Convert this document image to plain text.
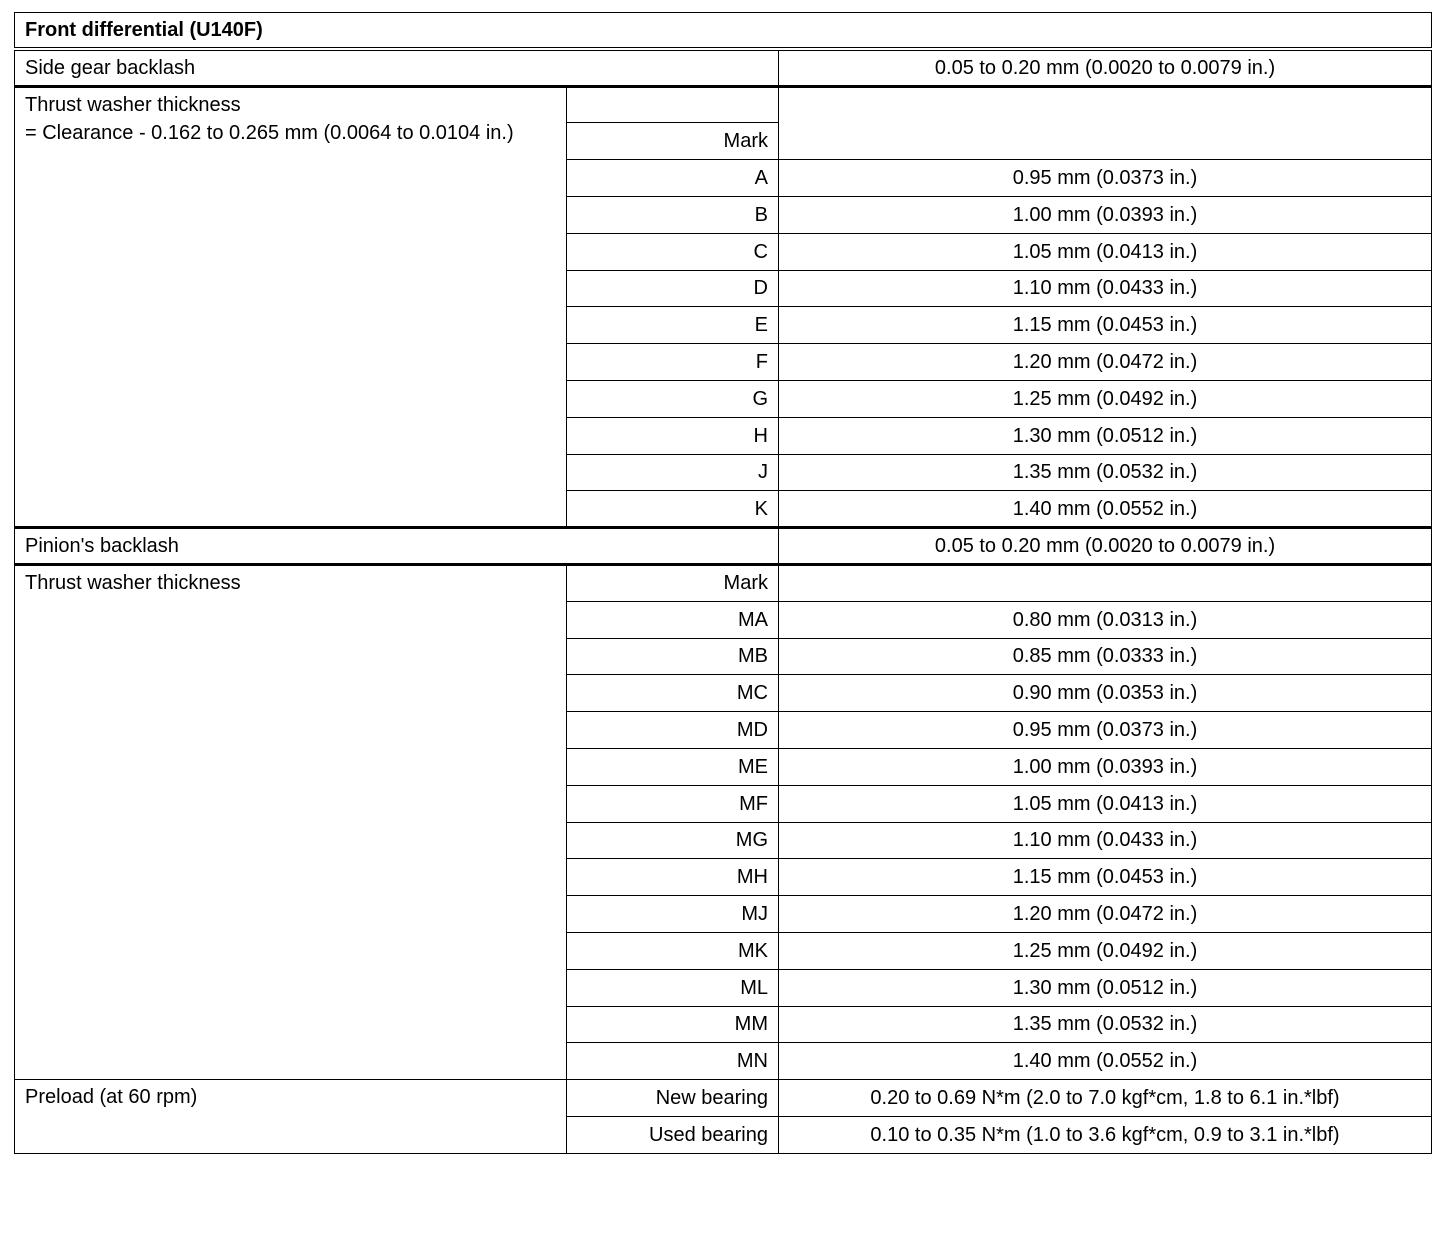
Front differential (U140F)		
Side gear backlash		0.05 to 0.20 mm (0.0020 to 0.0079 in.)

Thrust washer thickness
= Clearance - 0.162 to 0.265 mm (0.0064 to 0.0104 in.)		

	Mark	
	A	0.95 mm (0.0373 in.)
	B	1.00 mm (0.0393 in.)
	C	1.05 mm (0.0413 in.)
	D	1.10 mm (0.0433 in.)
	E	1.15 mm (0.0453 in.)
	F	1.20 mm (0.0472 in.)
	G	1.25 mm (0.0492 in.)
	H	1.30 mm (0.0512 in.)
	J	1.35 mm (0.0532 in.)
	K	1.40 mm (0.0552 in.)
Pinion's backlash		0.05 to 0.20 mm (0.0020 to 0.0079 in.)
Thrust washer thickness	Mark	
	MA	0.80 mm (0.0313 in.)
	MB	0.85 mm (0.0333 in.)
	MC	0.90 mm (0.0353 in.)
	MD	0.95 mm (0.0373 in.)
	ME	1.00 mm (0.0393 in.)
	MF	1.05 mm (0.0413 in.)
	MG	1.10 mm (0.0433 in.)
	MH	1.15 mm (0.0453 in.)
	MJ	1.20 mm (0.0472 in.)
	MK	1.25 mm (0.0492 in.)
	ML	1.30 mm (0.0512 in.)
	MM	1.35 mm (0.0532 in.)
	MN	1.40 mm (0.0552 in.)
Preload (at 60 rpm)	New bearing	0.20 to 0.69 N*m (2.0 to 7.0 kgf*cm, 1.8 to 6.1 in.*lbf)
	Used bearing	0.10 to 0.35 N*m (1.0 to 3.6 kgf*cm, 0.9 to 3.1 in.*lbf)
